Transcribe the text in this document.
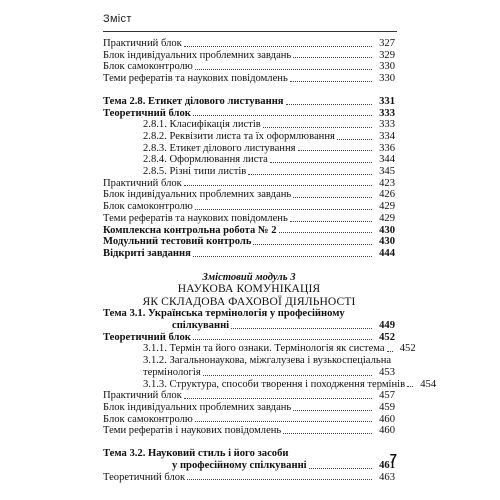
Зміст
Практичний блок	327
Блок індивідуальних проблемних завдань	329
Блок самоконтролю	330
Теми рефератів та наукових повідомлень	330
Тема 2.8. Етикет ділового листування	331
Теоретичний блок	333
2.8.1. Класифікація листів	333
2.8.2. Реквізити листа та їх оформлювання	334
2.8.3. Етикет ділового листування	336
2.8.4. Оформлювання листа	344
2.8.5. Різні типи листів	345
Практичний блок	423
Блок індивідуальних проблемних завдань	426
Блок самоконтролю	429
Теми рефератів та наукових повідомлень	429
Комплексна контрольна робота № 2	430
Модульний тестовий контроль	430
Відкриті завдання	444
Змістовий модуль 3
НАУКОВА КОМУНІКАЦІЯ
ЯК СКЛАДОВА ФАХОВОЇ ДІЯЛЬНОСТІ
Тема 3.1. Українська термінологія у професійному
спілкуванні	449
Теоретичний блок	452
3.1.1. Термін та його ознаки. Термінологія як система	452
3.1.2. Загальнонаукова, міжгалузева і вузькоспеціальна
термінологія	453
3.1.3. Структура, способи творення і походження термінів	454
Практичний блок	457
Блок індивідуальних проблемних завдань	459
Блок самоконтролю	460
Теми рефератів і наукових повідомлень	460
Тема 3.2. Науковий стиль і його засоби
у професійному спілкуванні	461
Теоретичний блок	463
7
